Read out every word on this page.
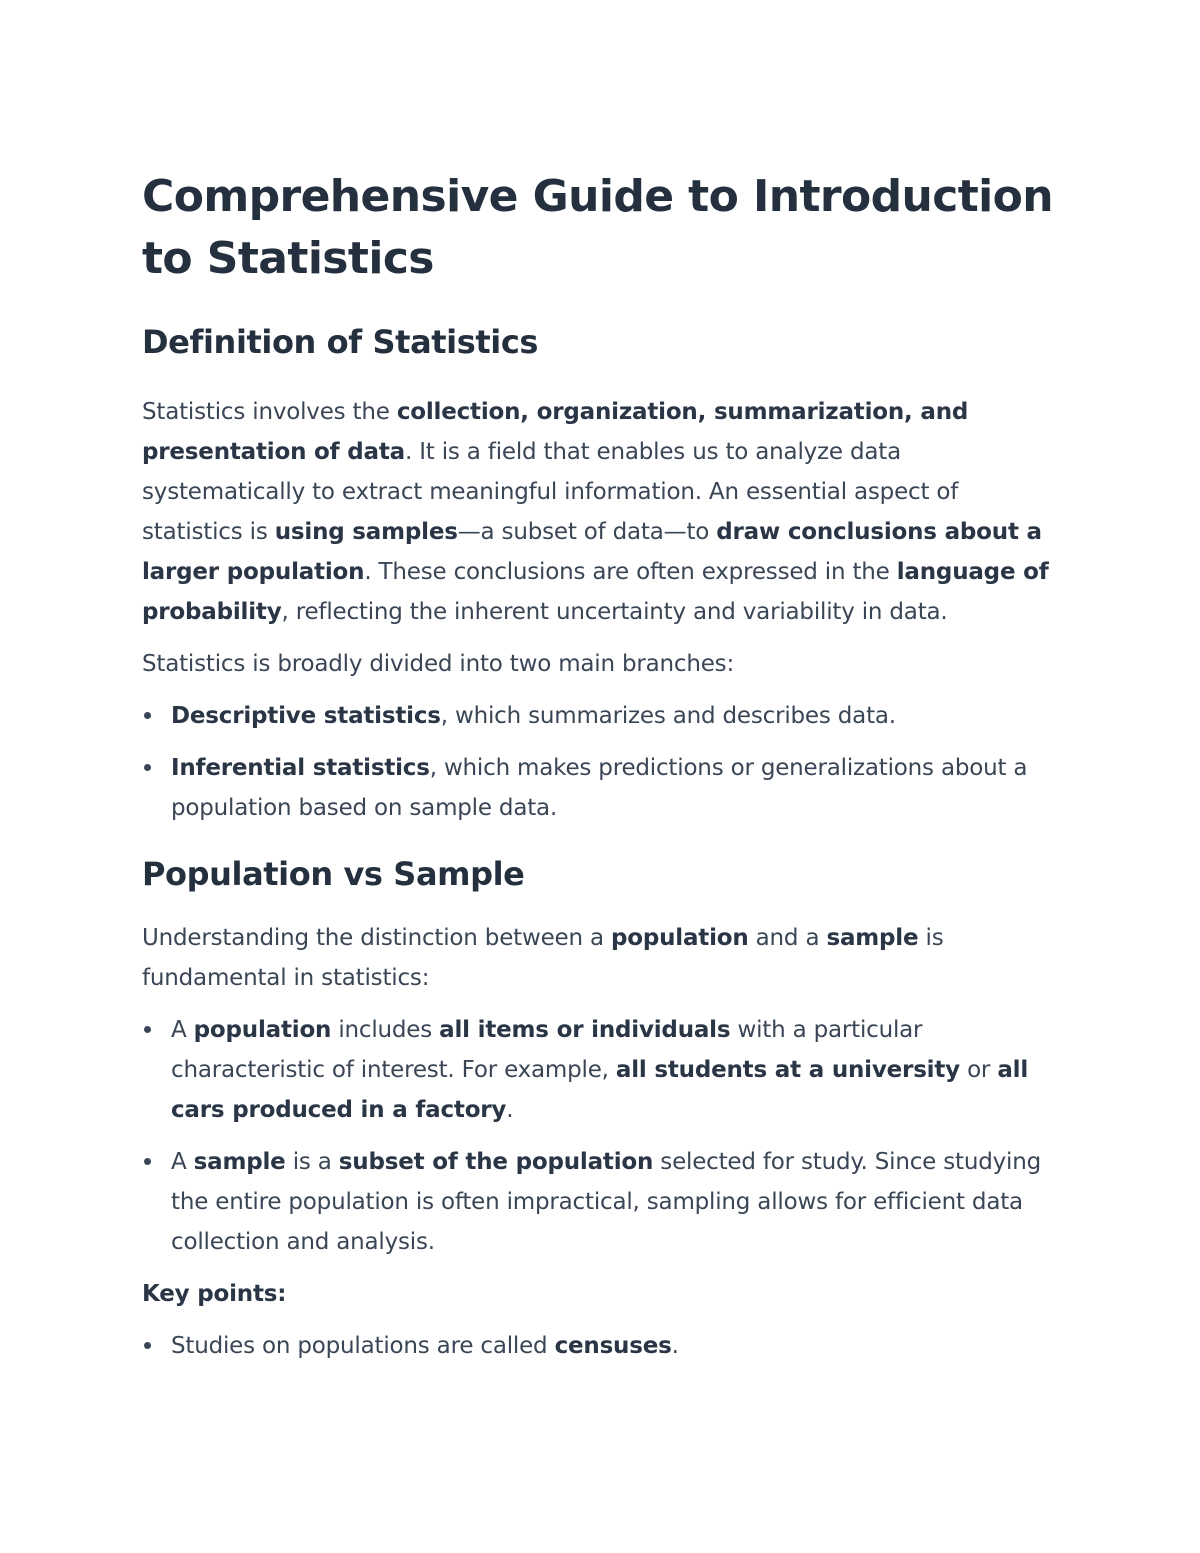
Comprehensive Guide to Introduction to Statistics
Definition of Statistics

Statistics involves the collection, organization, summarization, and presentation of data. It is a field that enables us to analyze data systematically to extract meaningful information. An essential aspect of statistics is using samples—a subset of data—to draw conclusions about a larger population. These conclusions are often expressed in the language of probability, reflecting the inherent uncertainty and variability in data.

Statistics is broadly divided into two main branches:

Descriptive statistics, which summarizes and describes data.
Inferential statistics, which makes predictions or generalizations about a population based on sample data.
Population vs Sample

Understanding the distinction between a population and a sample is fundamental in statistics:

A population includes all items or individuals with a particular characteristic of interest. For example, all students at a university or all cars produced in a factory.
A sample is a subset of the population selected for study. Since studying the entire population is often impractical, sampling allows for efficient data collection and analysis.

Key points:

Studies on populations are called censuses.
